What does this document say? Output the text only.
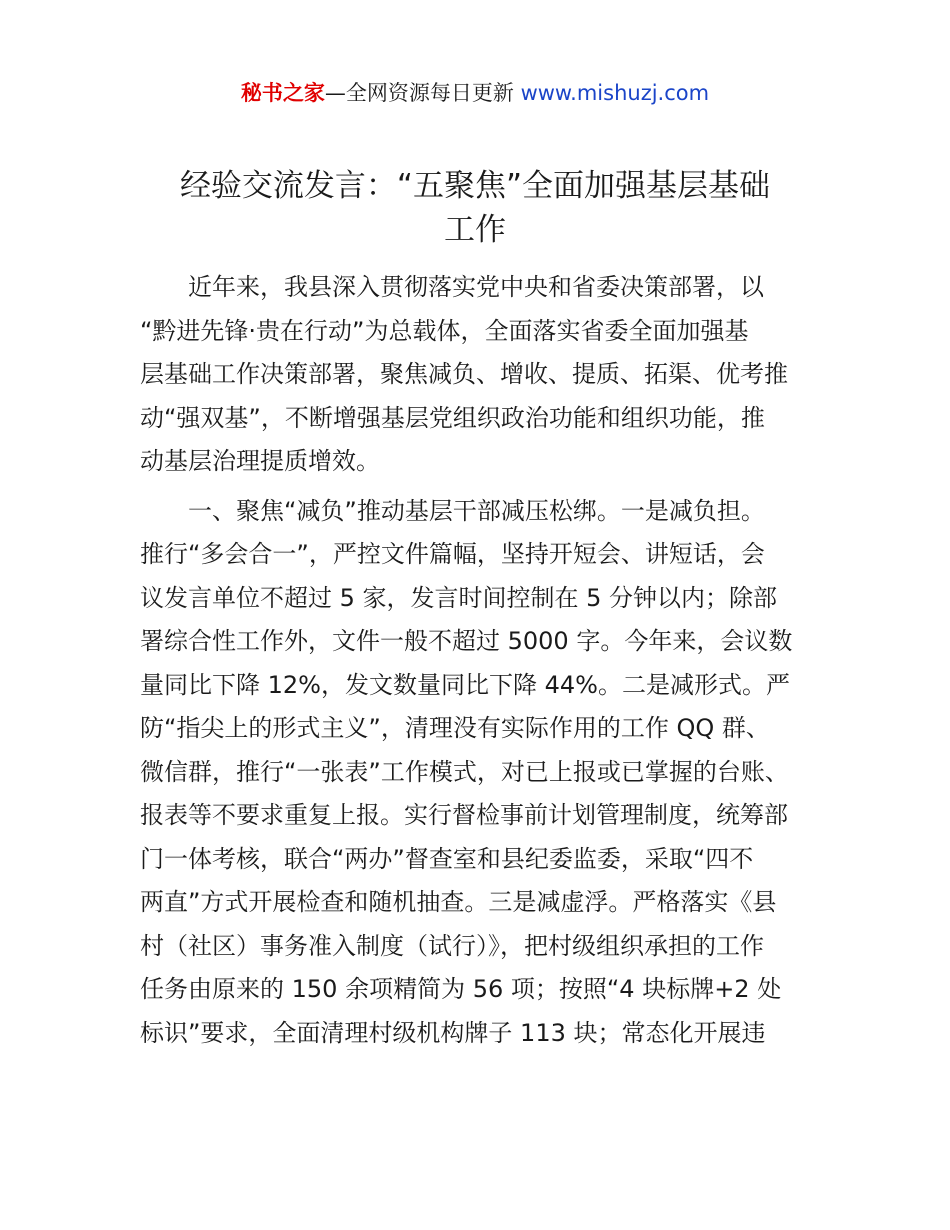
秘书之家—全网资源每日更新 www.mishuzj.com
经验交流发言：“五聚焦”全面加强基层基础
工作
近年来，我县深入贯彻落实党中央和省委决策部署，以
“黔进先锋·贵在行动”为总载体，全面落实省委全面加强基
层基础工作决策部署，聚焦减负、增收、提质、拓渠、优考推
动“强双基”，不断增强基层党组织政治功能和组织功能，推
动基层治理提质增效。
一、聚焦“减负”推动基层干部减压松绑。一是减负担。
推行“多会合一”，严控文件篇幅，坚持开短会、讲短话，会
议发言单位不超过 5 家，发言时间控制在 5 分钟以内；除部
署综合性工作外，文件一般不超过 5000 字。今年来，会议数
量同比下降 12%，发文数量同比下降 44%。二是减形式。严
防“指尖上的形式主义”，清理没有实际作用的工作 QQ 群、
微信群，推行“一张表”工作模式，对已上报或已掌握的台账、
报表等不要求重复上报。实行督检事前计划管理制度，统筹部
门一体考核，联合“两办”督查室和县纪委监委，采取“四不
两直”方式开展检查和随机抽查。三是减虚浮。严格落实《县
村（社区）事务准入制度（试行）》，把村级组织承担的工作
任务由原来的 150 余项精简为 56 项；按照“4 块标牌+2 处
标识”要求，全面清理村级机构牌子 113 块；常态化开展违
